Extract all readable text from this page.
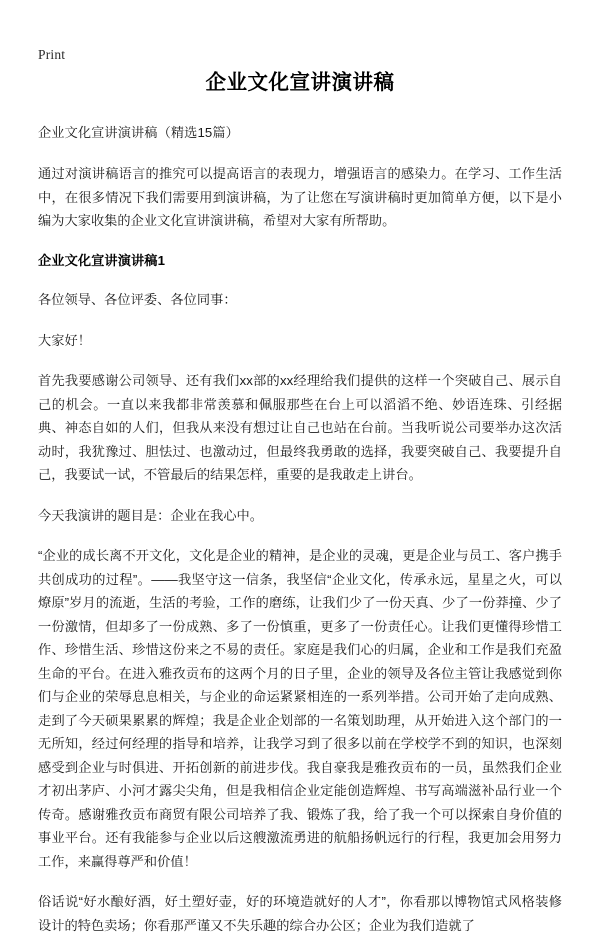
Print
企业文化宣讲演讲稿
企业文化宣讲演讲稿（精选15篇）

通过对演讲稿语言的推究可以提高语言的表现力，增强语言的感染力。在学习、工作生活中，在很多情况下我们需要用到演讲稿，为了让您在写演讲稿时更加简单方便，以下是小编为大家收集的企业文化宣讲演讲稿，希望对大家有所帮助。

企业文化宣讲演讲稿1

各位领导、各位评委、各位同事：

大家好！

首先我要感谢公司领导、还有我们xx部的xx经理给我们提供的这样一个突破自己、展示自己的机会。一直以来我都非常羡慕和佩服那些在台上可以滔滔不绝、妙语连珠、引经据典、神态自如的人们，但我从来没有想过让自己也站在台前。当我听说公司要举办这次活动时，我犹豫过、胆怯过、也激动过，但最终我勇敢的选择，我要突破自己、我要提升自己，我要试一试，不管最后的结果怎样，重要的是我敢走上讲台。

今天我演讲的题目是：企业在我心中。

“企业的成长离不开文化，文化是企业的精神，是企业的灵魂，更是企业与员工、客户携手共创成功的过程”。——我坚守这一信条，我坚信“企业文化，传承永远，星星之火，可以燎原”岁月的流逝，生活的考验，工作的磨练，让我们少了一份天真、少了一份莽撞、少了一份激情，但却多了一份成熟、多了一份慎重，更多了一份责任心。让我们更懂得珍惜工作、珍惜生活、珍惜这份来之不易的责任。家庭是我们心的归属，企业和工作是我们充盈生命的平台。在进入雅孜贡布的这两个月的日子里，企业的领导及各位主管让我感觉到你们与企业的荣辱息息相关，与企业的命运紧紧相连的一系列举措。公司开始了走向成熟、走到了今天硕果累累的辉煌；我是企业企划部的一名策划助理，从开始进入这个部门的一无所知，经过何经理的指导和培养，让我学习到了很多以前在学校学不到的知识，也深刻感受到企业与时俱进、开拓创新的前进步伐。我自豪我是雅孜贡布的一员，虽然我们企业才初出茅庐、小河才露尖尖角，但是我相信企业定能创造辉煌、书写高端滋补品行业一个传奇。感谢雅孜贡布商贸有限公司培养了我、锻炼了我，给了我一个可以探索自身价值的事业平台。还有我能参与企业以后这艘激流勇进的航船扬帆远行的行程，我更加会用努力工作，来赢得尊严和价值！

俗话说“好水酿好酒，好土塑好壶，好的环境造就好的人才”，你看那以博物馆式风格装修设计的特色卖场；你看那严谨又不失乐趣的综合办公区；企业为我们造就了
